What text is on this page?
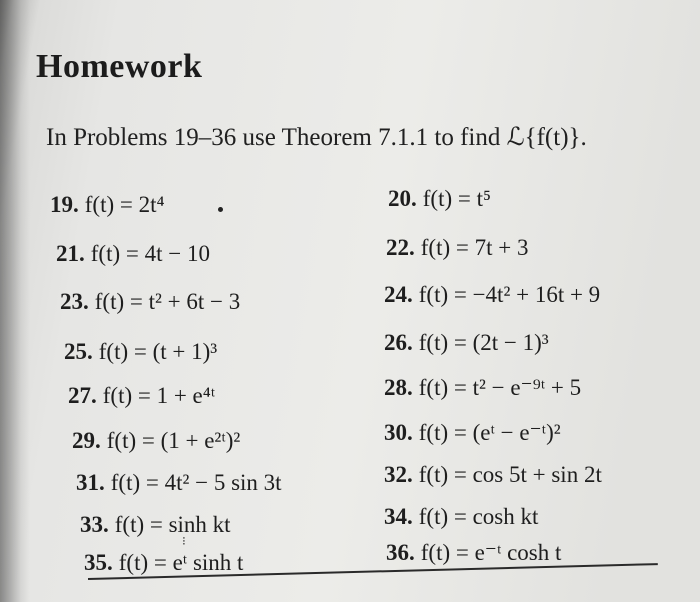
Homework
In Problems 19–36 use Theorem 7.1.1 to find ℒ{f(t)}.
19. f(t) = 2t⁴	20. f(t) = t⁵
21. f(t) = 4t − 10	22. f(t) = 7t + 3
23. f(t) = t² + 6t − 3	24. f(t) = −4t² + 16t + 9
25. f(t) = (t + 1)³	26. f(t) = (2t − 1)³
27. f(t) = 1 + e⁴ᵗ	28. f(t) = t² − e⁻⁹ᵗ + 5
29. f(t) = (1 + e²ᵗ)²	30. f(t) = (eᵗ − e⁻ᵗ)²
31. f(t) = 4t² − 5 sin 3t	32. f(t) = cos 5t + sin 2t
33. f(t) = sinh kt	34. f(t) = cosh kt
35. f(t) = eᵗ sinh t	36. f(t) = e⁻ᵗ cosh t
⁝
